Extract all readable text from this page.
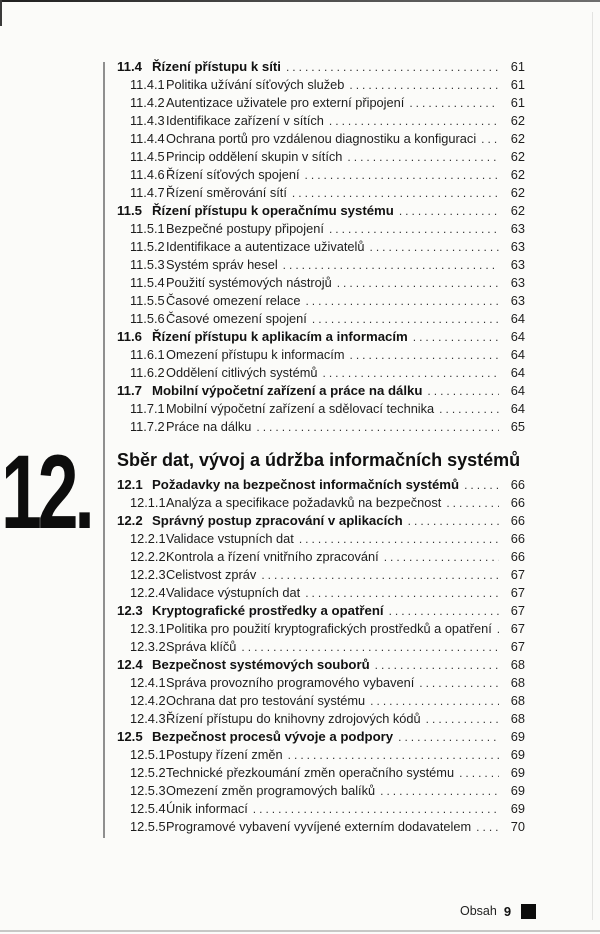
12. Sběr dat, vývoj a údržba informačních systémů
11.4 Řízení přístupu k síti .....	61
11.4.1 Politika užívání síťových služeb .....	61
11.4.2 Autentizace uživatele pro externí připojení .....	61
11.4.3 Identifikace zařízení v sítích .....	62
11.4.4 Ochrana portů pro vzdálenou diagnostiku a konfiguraci .....	62
11.4.5 Princip oddělení skupin v sítích .....	62
11.4.6 Řízení síťových spojení .....	62
11.4.7 Řízení směrování sítí .....	62
11.5 Řízení přístupu k operačnímu systému .....	62
11.5.1 Bezpečné postupy připojení .....	63
11.5.2 Identifikace a autentizace uživatelů .....	63
11.5.3 Systém správ hesel .....	63
11.5.4 Použití systémových nástrojů .....	63
11.5.5 Časové omezení relace .....	63
11.5.6 Časové omezení spojení .....	64
11.6 Řízení přístupu k aplikacím a informacím .....	64
11.6.1 Omezení přístupu k informacím .....	64
11.6.2 Oddělení citlivých systémů .....	64
11.7 Mobilní výpočetní zařízení a práce na dálku .....	64
11.7.1 Mobilní výpočetní zařízení a sdělovací technika .....	64
11.7.2 Práce na dálku .....	65
12.1 Požadavky na bezpečnost informačních systémů .....	66
12.1.1 Analýza a specifikace požadavků na bezpečnost .....	66
12.2 Správný postup zpracování v aplikacích .....	66
12.2.1 Validace vstupních dat .....	66
12.2.2 Kontrola a řízení vnitřního zpracování .....	66
12.2.3 Celistvost zpráv .....	67
12.2.4 Validace výstupních dat .....	67
12.3 Kryptografické prostředky a opatření .....	67
12.3.1 Politika pro použití kryptografických prostředků a opatření .....	67
12.3.2 Správa klíčů .....	67
12.4 Bezpečnost systémových souborů .....	68
12.4.1 Správa provozního programového vybavení .....	68
12.4.2 Ochrana dat pro testování systému .....	68
12.4.3 Řízení přístupu do knihovny zdrojových kódů .....	68
12.5 Bezpečnost procesů vývoje a podpory .....	69
12.5.1 Postupy řízení změn .....	69
12.5.2 Technické přezkoumání změn operačního systému .....	69
12.5.3 Omezení změn programových balíků .....	69
12.5.4 Únik informací .....	69
12.5.5 Programové vybavení vyvíjené externím dodavatelem .....	70
Obsah 9
